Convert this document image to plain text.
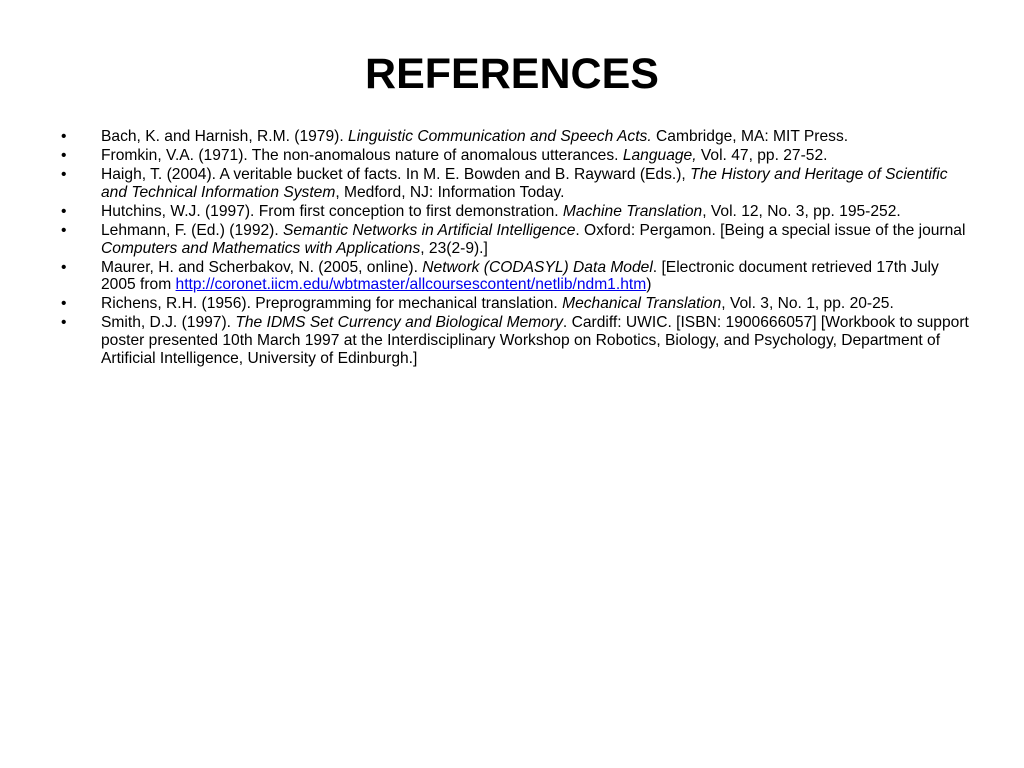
REFERENCES
• Bach, K. and Harnish, R.M. (1979). Linguistic Communication and Speech Acts. Cambridge, MA: MIT Press.
• Fromkin, V.A. (1971). The non-anomalous nature of anomalous utterances. Language, Vol. 47, pp. 27-52.
• Haigh, T. (2004). A veritable bucket of facts. In M. E. Bowden and B. Rayward (Eds.), The History and Heritage of Scientific and Technical Information System, Medford, NJ: Information Today.
• Hutchins, W.J. (1997). From first conception to first demonstration. Machine Translation, Vol. 12, No. 3, pp. 195-252.
• Lehmann, F. (Ed.) (1992). Semantic Networks in Artificial Intelligence. Oxford: Pergamon. [Being a special issue of the journal Computers and Mathematics with Applications, 23(2-9).]
• Maurer, H. and Scherbakov, N. (2005, online). Network (CODASYL) Data Model. [Electronic document retrieved 17th July 2005 from http://coronet.iicm.edu/wbtmaster/allcoursescontent/netlib/ndm1.htm)
• Richens, R.H. (1956). Preprogramming for mechanical translation. Mechanical Translation, Vol. 3, No. 1, pp. 20-25.
• Smith, D.J. (1997). The IDMS Set Currency and Biological Memory. Cardiff: UWIC. [ISBN: 1900666057] [Workbook to support poster presented 10th March 1997 at the Interdisciplinary Workshop on Robotics, Biology, and Psychology, Department of Artificial Intelligence, University of Edinburgh.]
